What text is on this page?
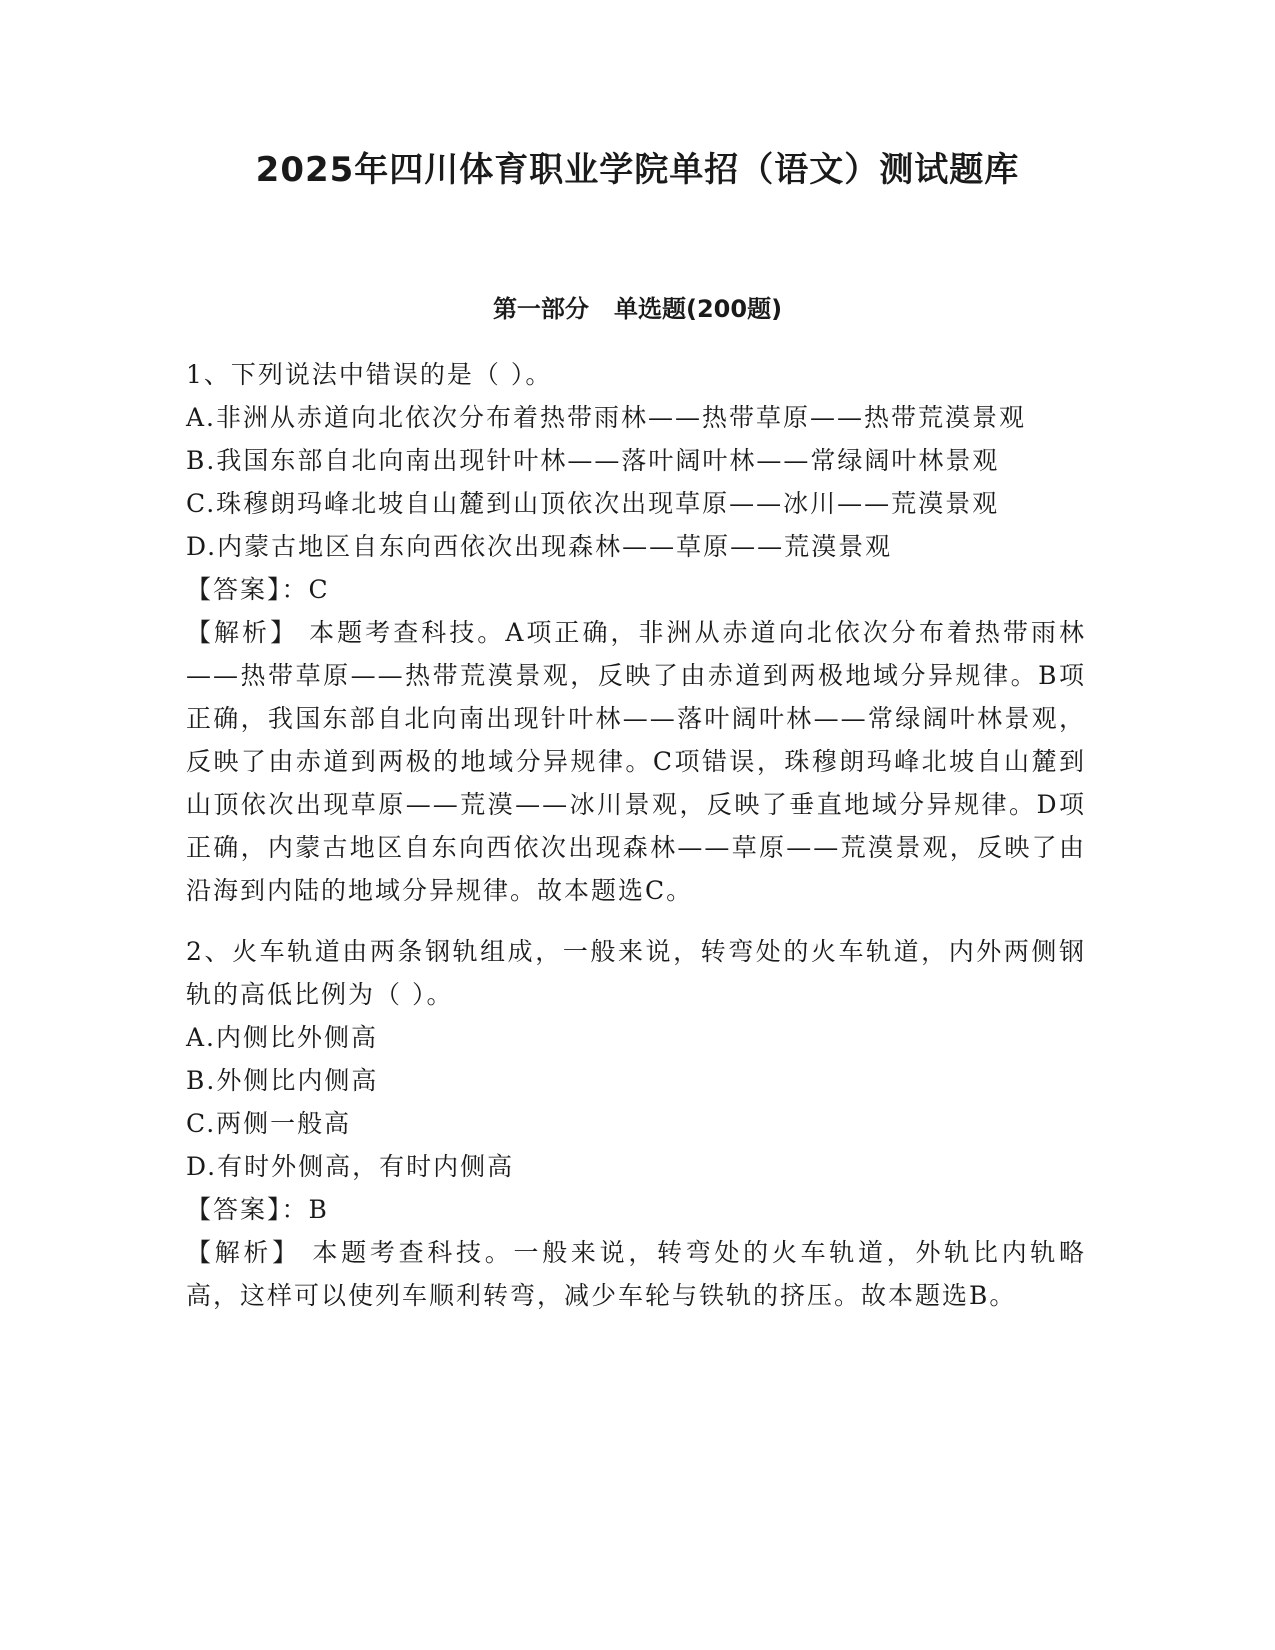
2025年四川体育职业学院单招（语文）测试题库
第一部分   单选题(200题)

1、下列说法中错误的是（ ）。

A.非洲从赤道向北依次分布着热带雨林——热带草原——热带荒漠景观

B.我国东部自北向南出现针叶林——落叶阔叶林——常绿阔叶林景观

C.珠穆朗玛峰北坡自山麓到山顶依次出现草原——冰川——荒漠景观

D.内蒙古地区自东向西依次出现森林——草原——荒漠景观

【答案】：C

【解析】 本题考查科技。A项正确，非洲从赤道向北依次分布着热带雨林——热带草原——热带荒漠景观，反映了由赤道到两极地域分异规律。B项正确，我国东部自北向南出现针叶林——落叶阔叶林——常绿阔叶林景观，反映了由赤道到两极的地域分异规律。C项错误，珠穆朗玛峰北坡自山麓到山顶依次出现草原——荒漠——冰川景观，反映了垂直地域分异规律。D项正确，内蒙古地区自东向西依次出现森林——草原——荒漠景观，反映了由沿海到内陆的地域分异规律。故本题选C。

2、火车轨道由两条钢轨组成，一般来说，转弯处的火车轨道，内外两侧钢轨的高低比例为（ ）。

A.内侧比外侧高

B.外侧比内侧高

C.两侧一般高

D.有时外侧高，有时内侧高

【答案】：B

【解析】 本题考查科技。一般来说，转弯处的火车轨道，外轨比内轨略高，这样可以使列车顺利转弯，减少车轮与铁轨的挤压。故本题选B。
